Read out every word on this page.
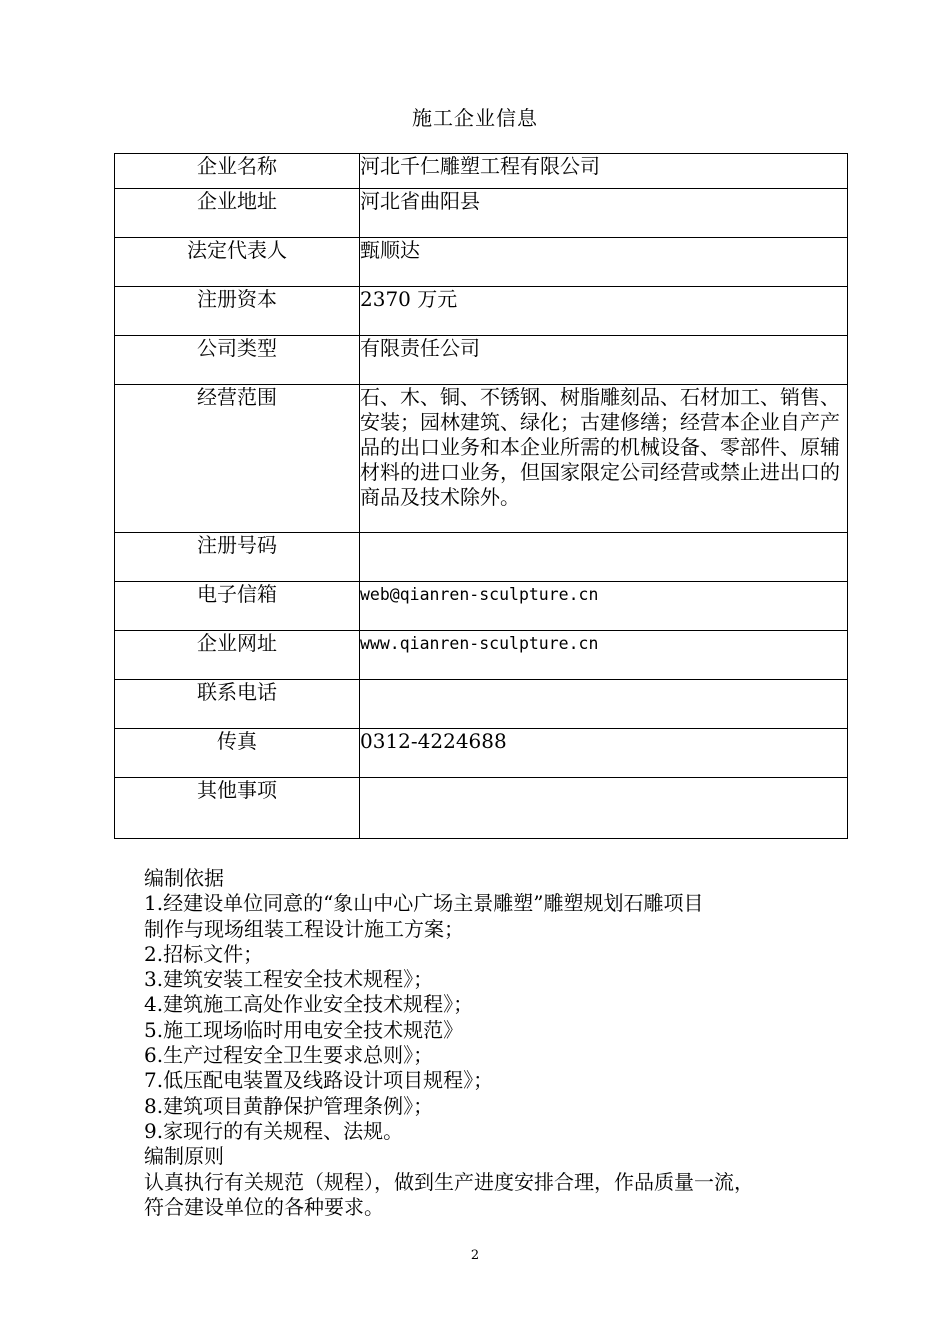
施工企业信息
企业名称	河北千仁雕塑工程有限公司
企业地址	河北省曲阳县
法定代表人	甄顺达
注册资本	2370 万元
公司类型	有限责任公司
经营范围	石、木、铜、不锈钢、树脂雕刻品、石材加工、销售、安装；园林建筑、绿化；古建修缮；经营本企业自产产品的出口业务和本企业所需的机械设备、零部件、原辅材料的进口业务，但国家限定公司经营或禁止进出口的商品及技术除外。
注册号码	
电子信箱	web@qianren-sculpture.cn
企业网址	www.qianren-sculpture.cn
联系电话	
传真	0312-4224688
其他事项	
编制依据
1.经建设单位同意的“象山中心广场主景雕塑”雕塑规划石雕项目
制作与现场组装工程设计施工方案；
2.招标文件；
3.建筑安装工程安全技术规程》；
4.建筑施工高处作业安全技术规程》；
5.施工现场临时用电安全技术规范》
6.生产过程安全卫生要求总则》；
7.低压配电装置及线路设计项目规程》；
8.建筑项目黄静保护管理条例》；
9.家现行的有关规程、法规。
编制原则
认真执行有关规范（规程），做到生产进度安排合理，作品质量一流，
符合建设单位的各种要求。
2
